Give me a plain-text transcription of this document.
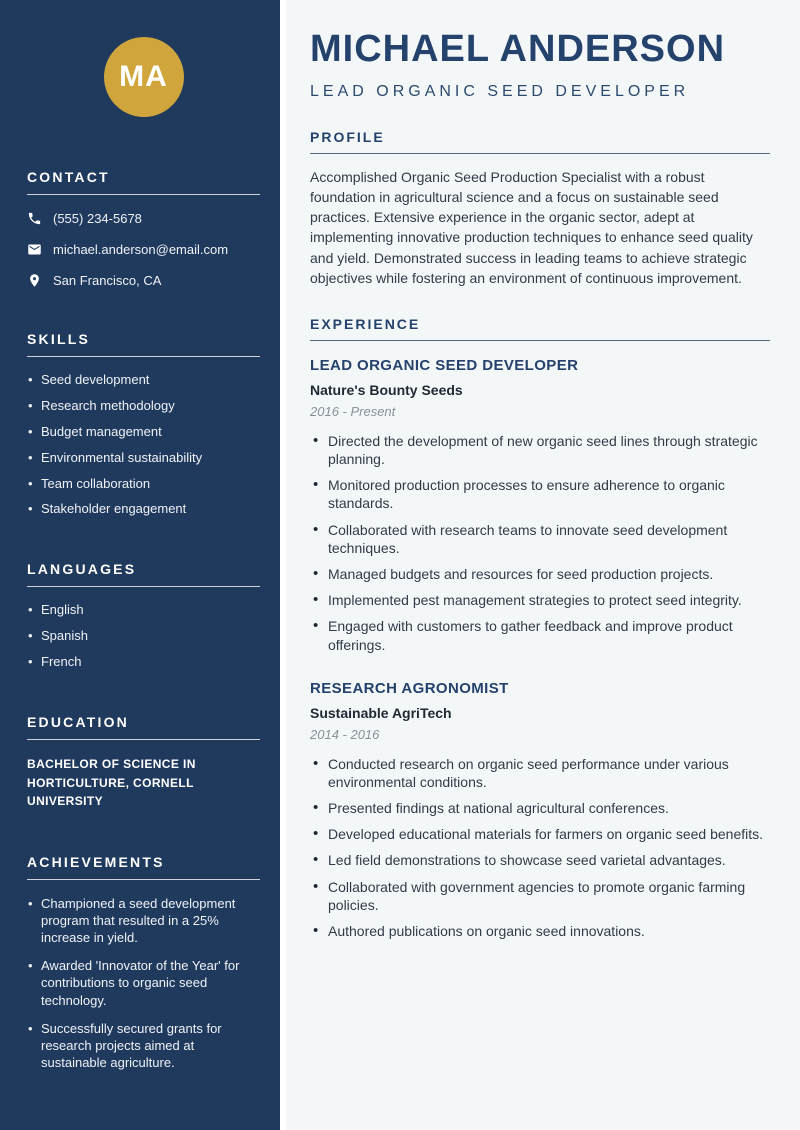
MA
CONTACT
(555) 234-5678
michael.anderson@email.com
San Francisco, CA
SKILLS
• Seed development
• Research methodology
• Budget management
• Environmental sustainability
• Team collaboration
• Stakeholder engagement
LANGUAGES
• English
• Spanish
• French
EDUCATION

BACHELOR OF SCIENCE IN HORTICULTURE, CORNELL UNIVERSITY

ACHIEVEMENTS
• Championed a seed development program that resulted in a 25% increase in yield.
• Awarded 'Innovator of the Year' for contributions to organic seed technology.
• Successfully secured grants for research projects aimed at sustainable agriculture.
MICHAEL ANDERSON
LEAD ORGANIC SEED DEVELOPER
PROFILE

Accomplished Organic Seed Production Specialist with a robust foundation in agricultural science and a focus on sustainable seed practices. Extensive experience in the organic sector, adept at implementing innovative production techniques to enhance seed quality and yield. Demonstrated success in leading teams to achieve strategic objectives while fostering an environment of continuous improvement.

EXPERIENCE
LEAD ORGANIC SEED DEVELOPER
Nature's Bounty Seeds
2016 - Present
• Directed the development of new organic seed lines through strategic planning.
• Monitored production processes to ensure adherence to organic standards.
• Collaborated with research teams to innovate seed development techniques.
• Managed budgets and resources for seed production projects.
• Implemented pest management strategies to protect seed integrity.
• Engaged with customers to gather feedback and improve product offerings.
RESEARCH AGRONOMIST
Sustainable AgriTech
2014 - 2016
• Conducted research on organic seed performance under various environmental conditions.
• Presented findings at national agricultural conferences.
• Developed educational materials for farmers on organic seed benefits.
• Led field demonstrations to showcase seed varietal advantages.
• Collaborated with government agencies to promote organic farming policies.
• Authored publications on organic seed innovations.
